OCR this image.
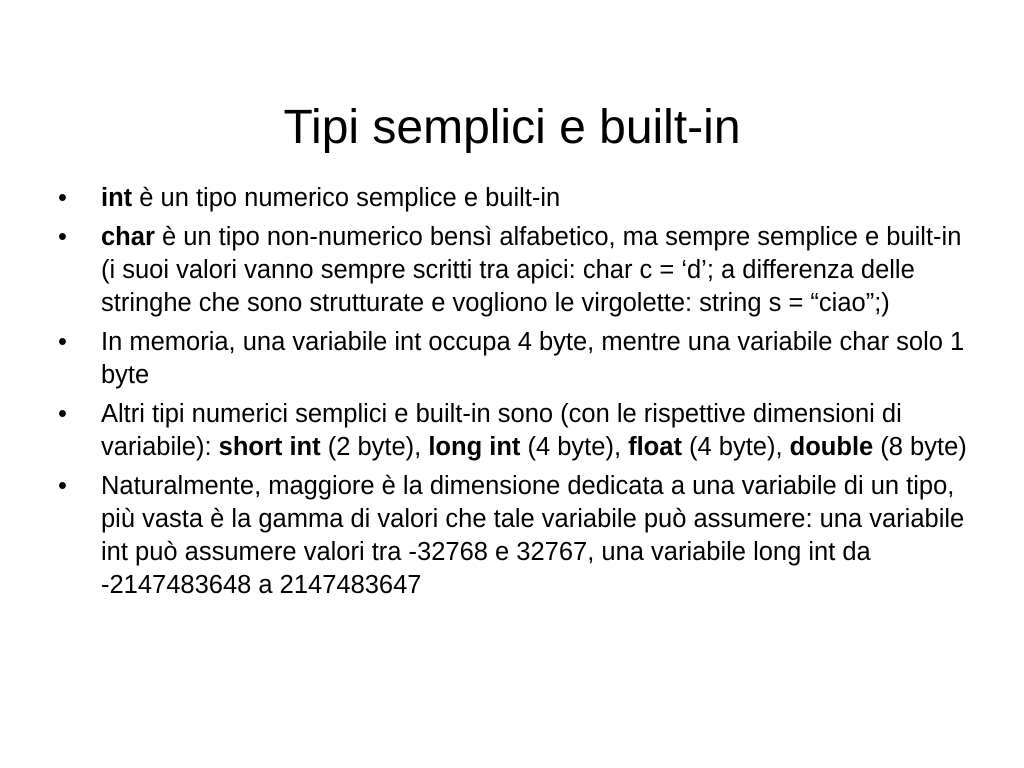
Tipi semplici e built-in
•	int è un tipo numerico semplice e built-in
•	char è un tipo non-numerico bensì alfabetico, ma sempre semplice e built-in (i suoi valori vanno sempre scritti tra apici: char c = ‘d’; a differenza delle stringhe che sono strutturate e vogliono le virgolette: string s = “ciao”;)
•	In memoria, una variabile int occupa 4 byte, mentre una variabile char solo 1 byte
•	Altri tipi numerici semplici e built-in sono (con le rispettive dimensioni di variabile): short int (2 byte), long int (4 byte), float (4 byte), double (8 byte)
•	Naturalmente, maggiore è la dimensione dedicata a una variabile di un tipo, più vasta è la gamma di valori che tale variabile può assumere: una variabile int può assumere valori tra -32768 e 32767, una variabile long int da -2147483648 a 2147483647
